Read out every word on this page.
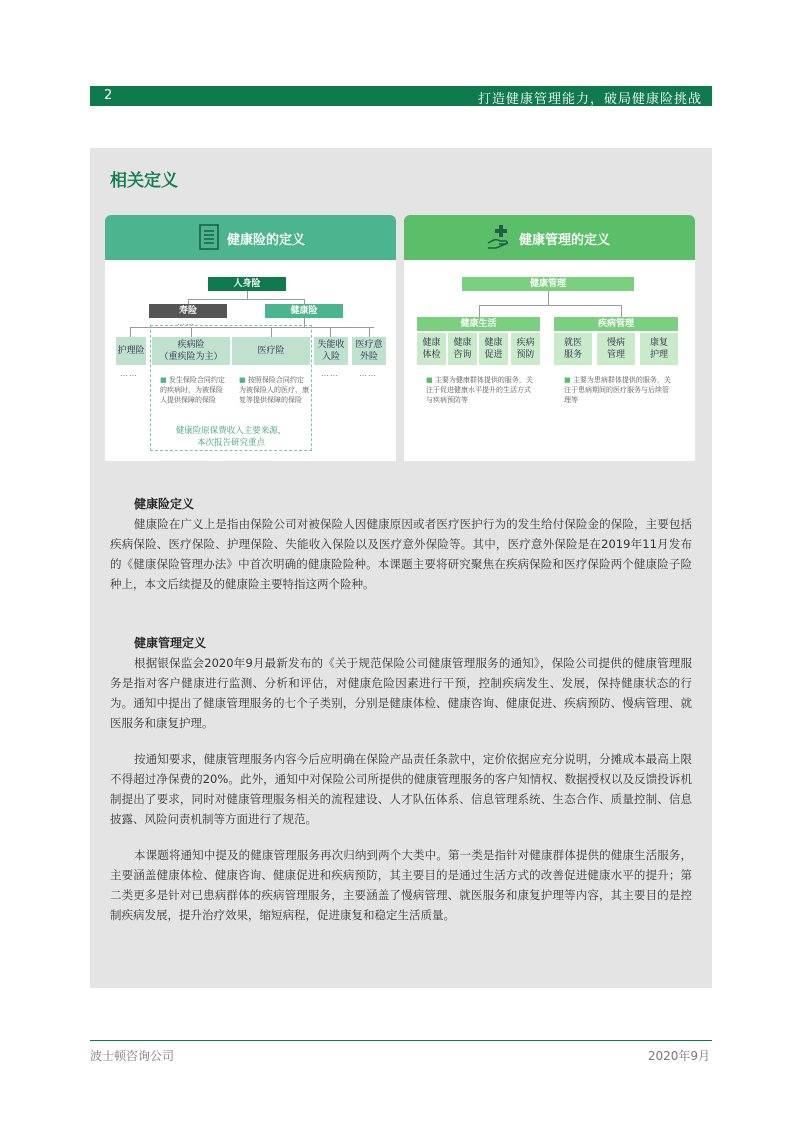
2	打造健康管理能力，破局健康险挑战
相关定义
健康险的定义
人身险
寿险	健康险
……
护理险
疾病险
（重疾险为主）
医疗险
失能收
入险
医疗意
外险
……	……	……
■ 发生保险合同约定的疾病时，为被保险人提供保障的保险
■ 按照保险合同约定为被保险人的医疗、康复等提供保障的保险
健康险原保费收入主要来源，
本次报告研究重点
健康管理的定义
健康管理
健康生活
健康
体检
健康
咨询
健康
促进
疾病
预防
疾病管理
就医
服务
慢病
管理
康复
护理
■ 主要为健康群体提供的服务，关注于促进健康水平提升的生活方式与疾病预防等
■ 主要为患病群体提供的服务，关注于患病期间的医疗服务与后续管理等
健康险定义
健康险在广义上是指由保险公司对被保险人因健康原因或者医疗医护行为的发生给付保险金的保险，主要包括疾病保险、医疗保险、护理保险、失能收入保险以及医疗意外保险等。其中，医疗意外保险是在2019年11月发布的《健康保险管理办法》中首次明确的健康险险种。本课题主要将研究聚焦在疾病保险和医疗保险两个健康险子险种上，本文后续提及的健康险主要特指这两个险种。
健康管理定义
根据银保监会2020年9月最新发布的《关于规范保险公司健康管理服务的通知》，保险公司提供的健康管理服务是指对客户健康进行监测、分析和评估，对健康危险因素进行干预，控制疾病发生、发展，保持健康状态的行为。通知中提出了健康管理服务的七个子类别，分别是健康体检、健康咨询、健康促进、疾病预防、慢病管理、就医服务和康复护理。
按通知要求，健康管理服务内容今后应明确在保险产品责任条款中，定价依据应充分说明，分摊成本最高上限不得超过净保费的20%。此外，通知中对保险公司所提供的健康管理服务的客户知情权、数据授权以及反馈投诉机制提出了要求，同时对健康管理服务相关的流程建设、人才队伍体系、信息管理系统、生态合作、质量控制、信息披露、风险问责机制等方面进行了规范。
本课题将通知中提及的健康管理服务再次归纳到两个大类中。第一类是指针对健康群体提供的健康生活服务，主要涵盖健康体检、健康咨询、健康促进和疾病预防，其主要目的是通过生活方式的改善促进健康水平的提升；第二类更多是针对已患病群体的疾病管理服务，主要涵盖了慢病管理、就医服务和康复护理等内容，其主要目的是控制疾病发展，提升治疗效果，缩短病程，促进康复和稳定生活质量。
波士顿咨询公司	2020年9月
